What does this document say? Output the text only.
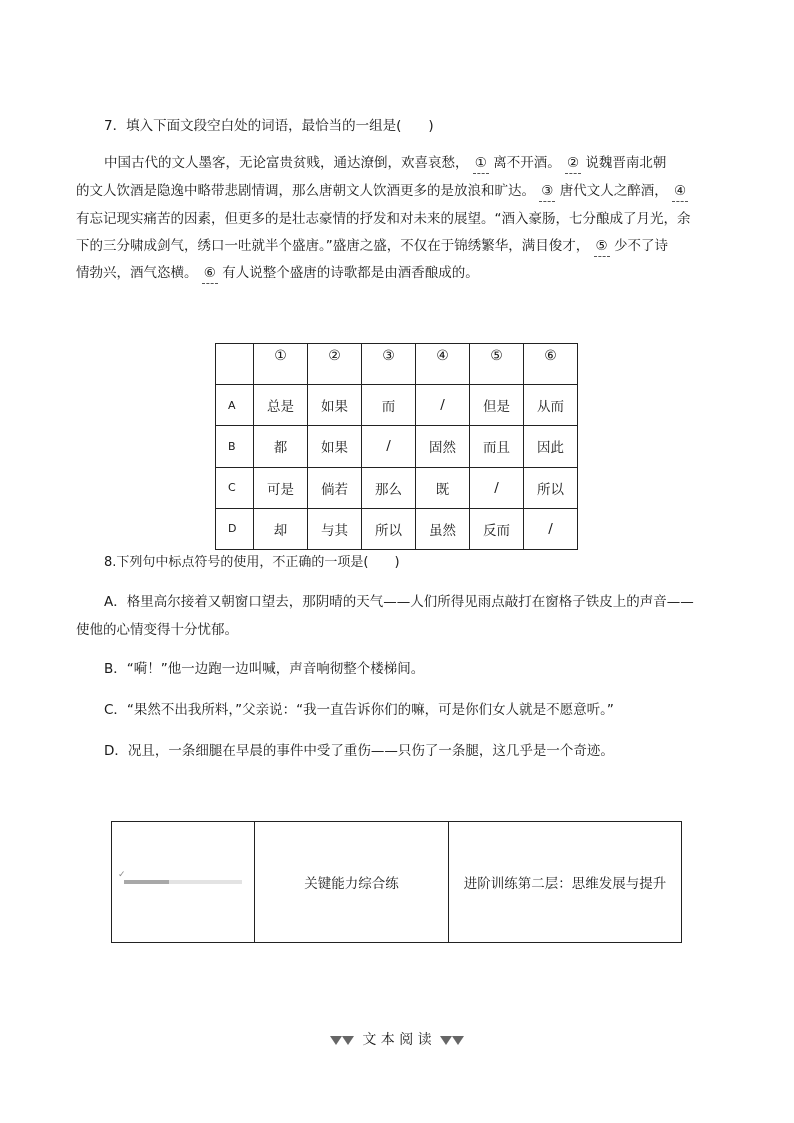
7．填入下面文段空白处的词语，最恰当的一组是(　　)
中国古代的文人墨客，无论富贵贫贱，通达潦倒，欢喜哀愁， ① 离不开酒。 ② 说魏晋南北朝
的文人饮酒是隐逸中略带悲剧情调，那么唐朝文人饮酒更多的是放浪和旷达。 ③ 唐代文人之醉酒， ④
有忘记现实痛苦的因素，但更多的是壮志豪情的抒发和对未来的展望。“酒入豪肠，七分酿成了月光，余
下的三分啸成剑气，绣口一吐就半个盛唐。”盛唐之盛，不仅在于锦绣繁华，满目俊才， ⑤ 少不了诗
情勃兴，酒气恣横。 ⑥ 有人说整个盛唐的诗歌都是由酒香酿成的。
	①	②	③	④	⑤	⑥
A	总是	如果	而	/	但是	从而
B	都	如果	/	固然	而且	因此
C	可是	倘若	那么	既	/	所以
D	却	与其	所以	虽然	反而	/
8.下列句中标点符号的使用，不正确的一项是(　　)
A．格里高尔接着又朝窗口望去，那阴晴的天气——人们所得见雨点敲打在窗格子铁皮上的声音——
使他的心情变得十分忧郁。
B．“嗬！”他一边跑一边叫喊，声音响彻整个楼梯间。
C．“果然不出我所料，”父亲说：“我一直告诉你们的嘛，可是你们女人就是不愿意听。”
D．况且，一条细腿在早晨的事件中受了重伤——只伤了一条腿，这几乎是一个奇迹。
✓
关键能力综合练	进阶训练第二层：思维发展与提升
文 本 阅 读
